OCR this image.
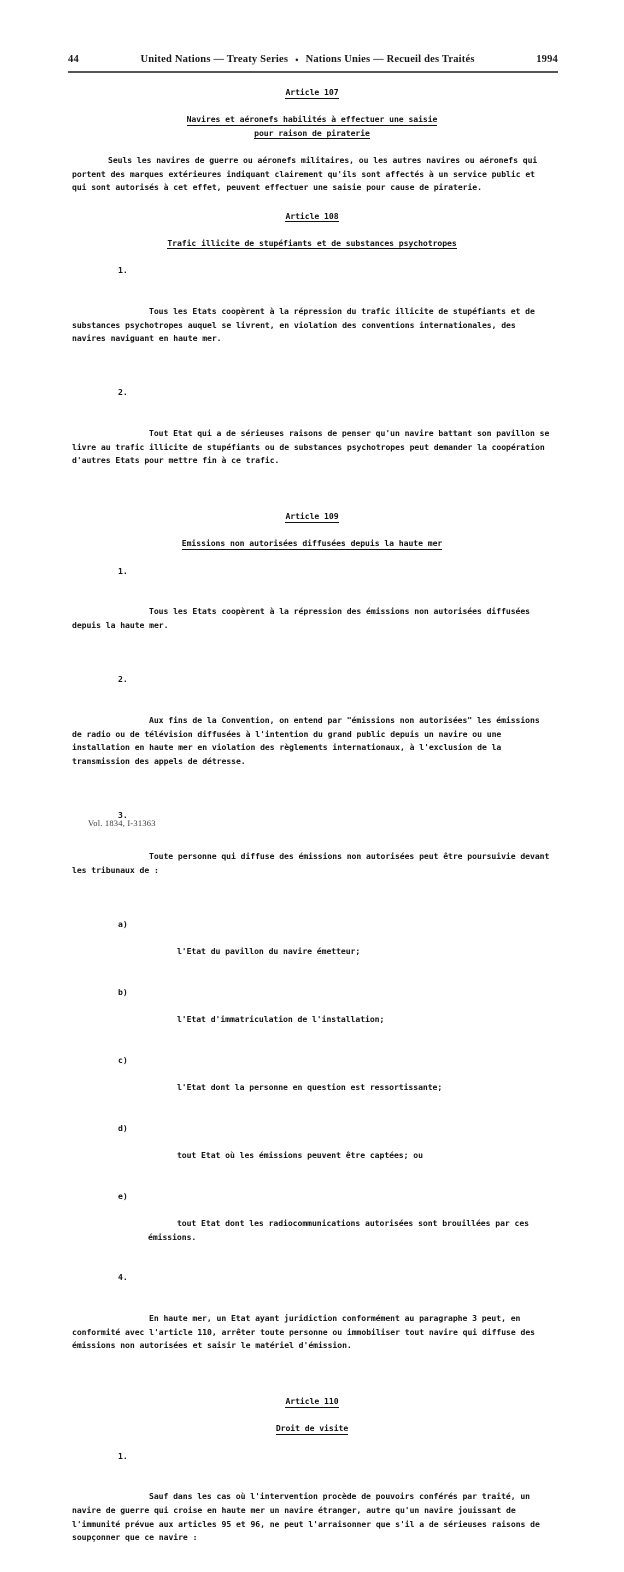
44	United Nations — Treaty Series • Nations Unies — Recueil des Traités	1994
Article 107
Navires et aéronefs habilités à effectuer une saisie
pour raison de piraterie
Seuls les navires de guerre ou aéronefs militaires, ou les autres navires ou aéronefs qui portent des marques extérieures indiquant clairement qu'ils sont affectés à un service public et qui sont autorisés à cet effet, peuvent effectuer une saisie pour cause de piraterie.
Article 108
Trafic illicite de stupéfiants et de substances psychotropes

1.

Tous les Etats coopèrent à la répression du trafic illicite de stupéfiants et de substances psychotropes auquel se livrent, en violation des conventions internationales, des navires naviguant en haute mer.

2.

Tout Etat qui a de sérieuses raisons de penser qu'un navire battant son pavillon se livre au trafic illicite de stupéfiants ou de substances psychotropes peut demander la coopération d'autres Etats pour mettre fin à ce trafic.

Article 109
Emissions non autorisées diffusées depuis la haute mer

1.

Tous les Etats coopèrent à la répression des émissions non autorisées diffusées depuis la haute mer.

2.

Aux fins de la Convention, on entend par "émissions non autorisées" les émissions de radio ou de télévision diffusées à l'intention du grand public depuis un navire ou une installation en haute mer en violation des règlements internationaux, à l'exclusion de la transmission des appels de détresse.

3.

Toute personne qui diffuse des émissions non autorisées peut être poursuivie devant les tribunaux de :

a)

l'Etat du pavillon du navire émetteur;

b)

l'Etat d'immatriculation de l'installation;

c)

l'Etat dont la personne en question est ressortissante;

d)

tout Etat où les émissions peuvent être captées; ou

e)

tout Etat dont les radiocommunications autorisées sont brouillées par ces émissions.

4.

En haute mer, un Etat ayant juridiction conformément au paragraphe 3 peut, en conformité avec l'article 110, arrêter toute personne ou immobiliser tout navire qui diffuse des émissions non autorisées et saisir le matériel d'émission.

Article 110
Droit de visite

1.

Sauf dans les cas où l'intervention procède de pouvoirs conférés par traité, un navire de guerre qui croise en haute mer un navire étranger, autre qu'un navire jouissant de l'immunité prévue aux articles 95 et 96, ne peut l'arraisonner que s'il a de sérieuses raisons de soupçonner que ce navire :

Vol. 1834, I-31363
